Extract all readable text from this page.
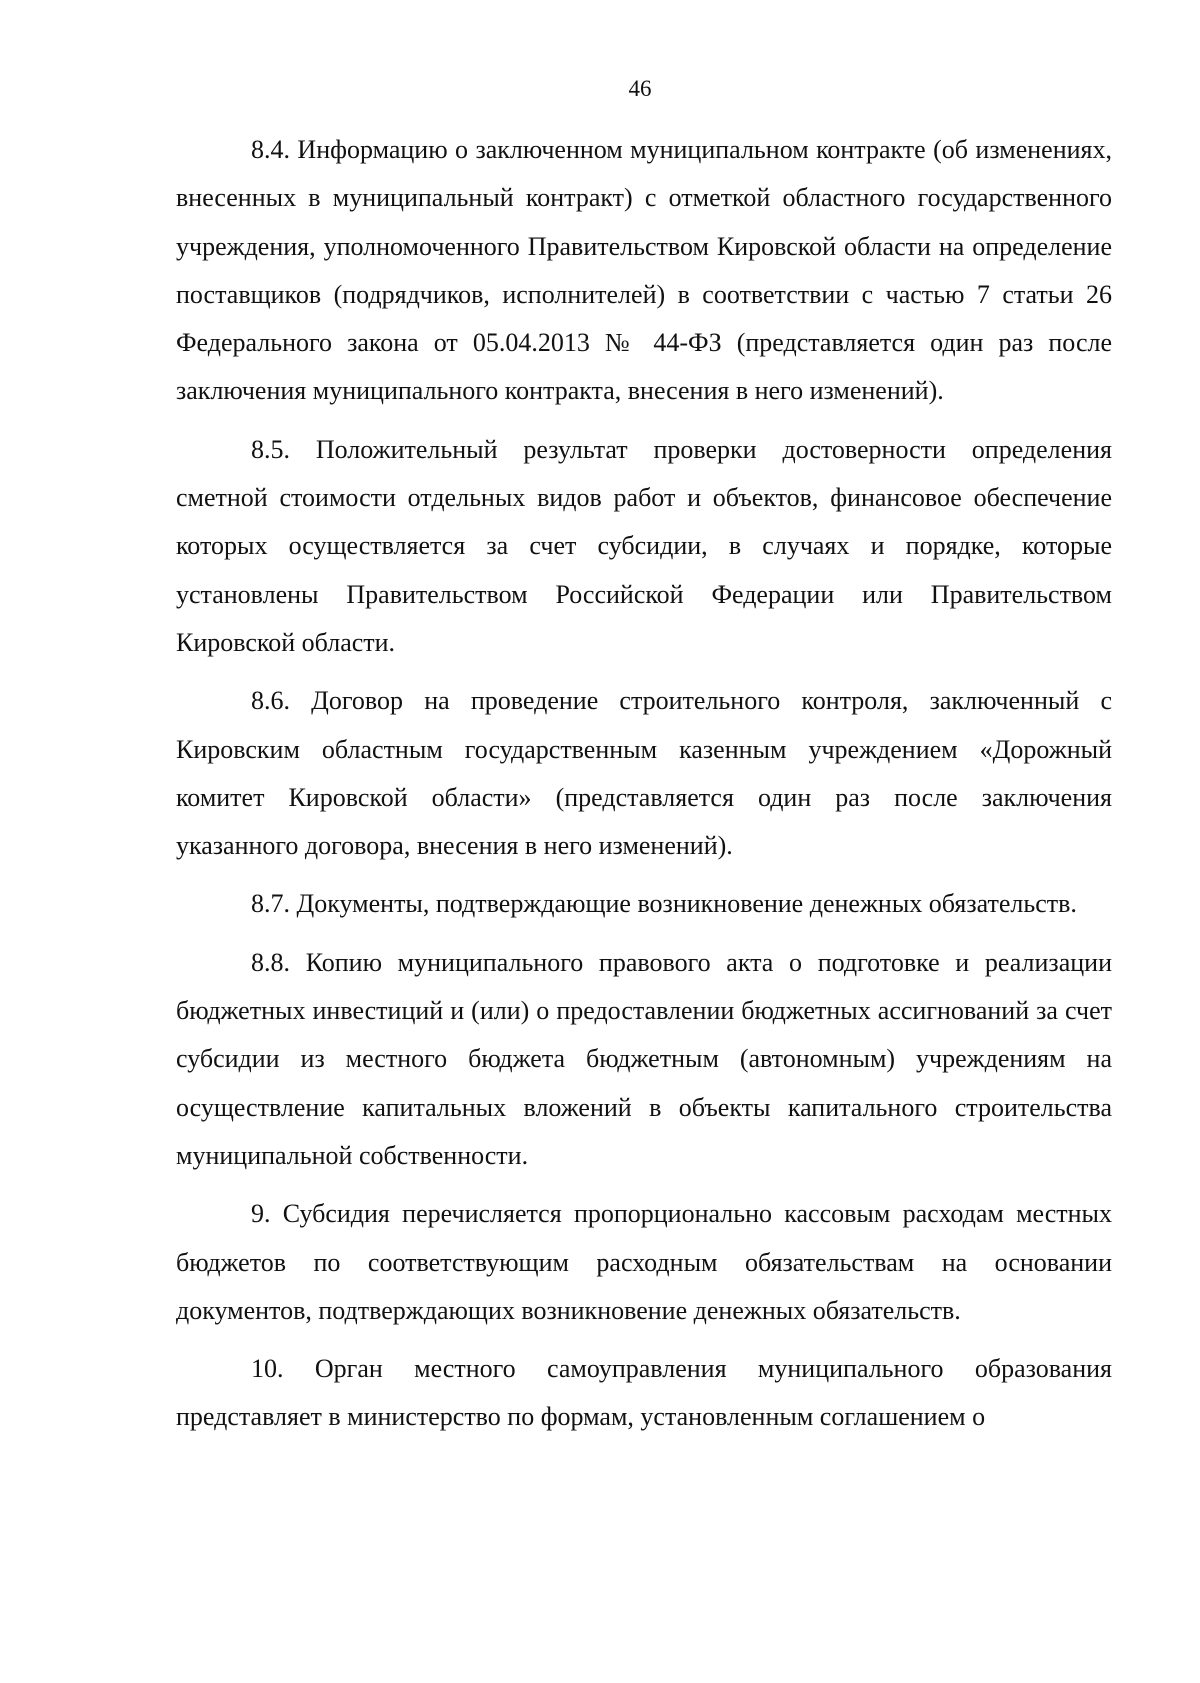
46

8.4. Информацию о заключенном муниципальном контракте (об изменениях, внесенных в муниципальный контракт) с отметкой областного государственного учреждения, уполномоченного Правительством Кировской области на определение поставщиков (подрядчиков, исполнителей) в соответствии с частью 7 статьи 26 Федерального закона от 05.04.2013 № 44-ФЗ (представляется один раз после заключения муниципального контракта, внесения в него изменений).

8.5. Положительный результат проверки достоверности определения сметной стоимости отдельных видов работ и объектов, финансовое обеспечение которых осуществляется за счет субсидии, в случаях и порядке, которые установлены Правительством Российской Федерации или Правительством Кировской области.

8.6. Договор на проведение строительного контроля, заключенный с Кировским областным государственным казенным учреждением «Дорожный комитет Кировской области» (представляется один раз после заключения указанного договора, внесения в него изменений).

8.7. Документы, подтверждающие возникновение денежных обязательств.

8.8. Копию муниципального правового акта о подготовке и реализации бюджетных инвестиций и (или) о предоставлении бюджетных ассигнований за счет субсидии из местного бюджета бюджетным (автономным) учреждениям на осуществление капитальных вложений в объекты капитального строительства муниципальной собственности.

9. Субсидия перечисляется пропорционально кассовым расходам местных бюджетов по соответствующим расходным обязательствам на основании документов, подтверждающих возникновение денежных обязательств.

10. Орган местного самоуправления муниципального образования представляет в министерство по формам, установленным соглашением о
